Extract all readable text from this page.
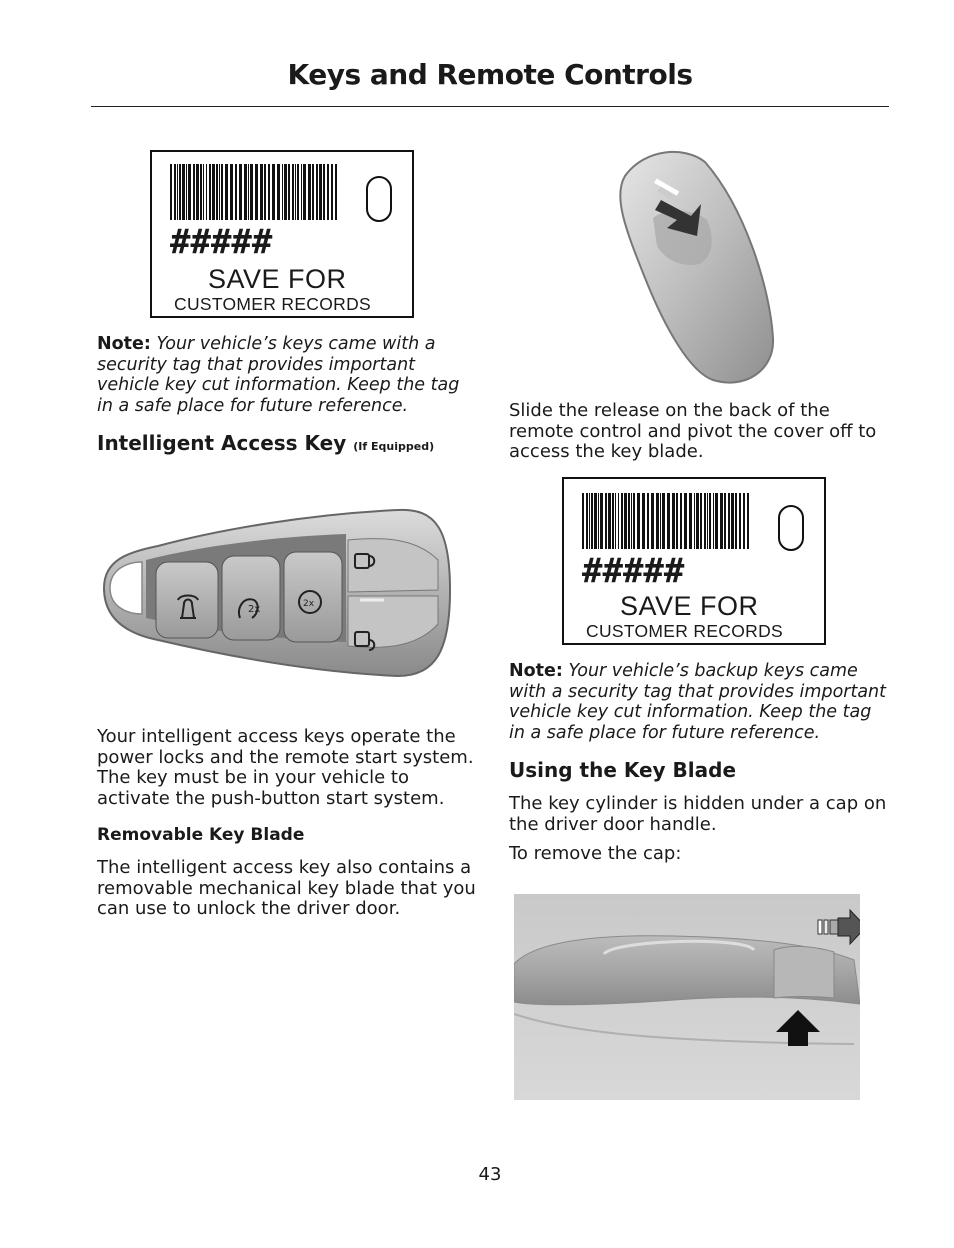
Keys and Remote Controls
#####
SAVE FOR
CUSTOMER RECORDS
Note: Your vehicle’s keys came with a security tag that provides important vehicle key cut information. Keep the tag in a safe place for future reference.
Intelligent Access Key (If Equipped)
2x	2x
Your intelligent access keys operate the power locks and the remote start system. The key must be in your vehicle to activate the push-button start system.
Removable Key Blade
The intelligent access key also contains a removable mechanical key blade that you can use to unlock the driver door.
Slide the release on the back of the remote control and pivot the cover off to access the key blade.
#####
SAVE FOR
CUSTOMER RECORDS
Note: Your vehicle’s backup keys came with a security tag that provides important vehicle key cut information. Keep the tag in a safe place for future reference.
Using the Key Blade
The key cylinder is hidden under a cap on the driver door handle.
To remove the cap:
43
